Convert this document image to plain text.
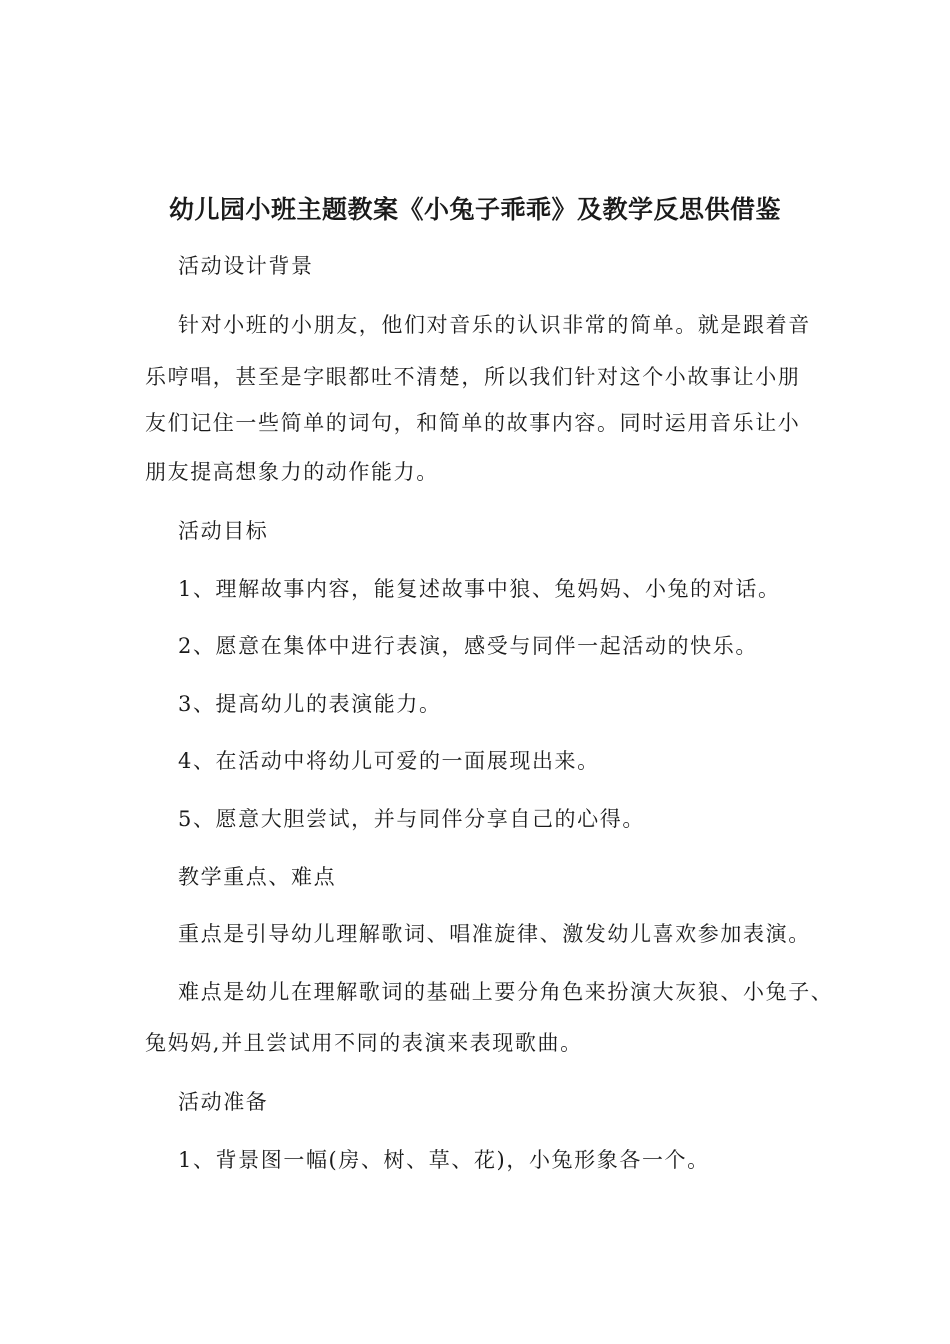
幼儿园小班主题教案《小兔子乖乖》及教学反思供借鉴
活动设计背景
针对小班的小朋友，他们对音乐的认识非常的简单。就是跟着音
乐哼唱，甚至是字眼都吐不清楚，所以我们针对这个小故事让小朋
友们记住一些简单的词句，和简单的故事内容。同时运用音乐让小
朋友提高想象力的动作能力。
活动目标
1、理解故事内容，能复述故事中狼、兔妈妈、小兔的对话。
2、愿意在集体中进行表演，感受与同伴一起活动的快乐。
3、提高幼儿的表演能力。
4、在活动中将幼儿可爱的一面展现出来。
5、愿意大胆尝试，并与同伴分享自己的心得。
教学重点、难点
重点是引导幼儿理解歌词、唱准旋律、激发幼儿喜欢参加表演。
难点是幼儿在理解歌词的基础上要分角色来扮演大灰狼、小兔子、
兔妈妈,并且尝试用不同的表演来表现歌曲。
活动准备
1、背景图一幅(房、树、草、花)，小兔形象各一个。
